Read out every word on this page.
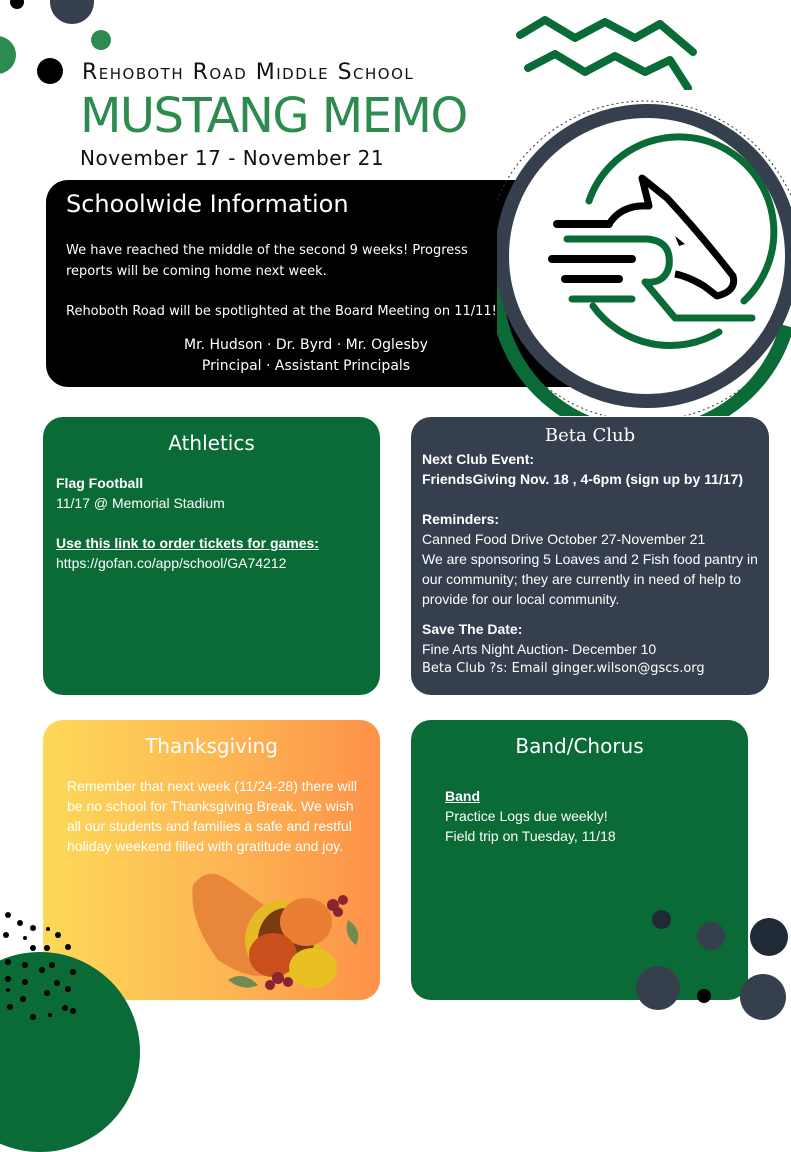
Rehoboth Road Middle School
MUSTANG MEMO
November 17 - November 21
Schoolwide Information
We have reached the middle of the second 9 weeks! Progress reports will be coming home next week.
Rehoboth Road will be spotlighted at the Board Meeting on 11/11!
Mr. Hudson · Dr. Byrd · Mr. Oglesby
Principal · Assistant Principals
Athletics
Flag Football
11/17 @ Memorial Stadium
Use this link to order tickets for games:
https://gofan.co/app/school/GA74212
Beta Club
Next Club Event:
FriendsGiving Nov. 18 , 4-6pm (sign up by 11/17)
Reminders:
Canned Food Drive October 27-November 21
We are sponsoring 5 Loaves and 2 Fish food pantry in our community; they are currently in need of help to provide for our local community.
Save The Date:
Fine Arts Night Auction- December 10
Beta Club ?s: Email ginger.wilson@gscs.org
Thanksgiving
Remember that next week (11/24-28) there will be no school for Thanksgiving Break. We wish all our students and families a safe and restful holiday weekend filled with gratitude and joy.
Band/Chorus
Band
Practice Logs due weekly!
Field trip on Tuesday, 11/18
